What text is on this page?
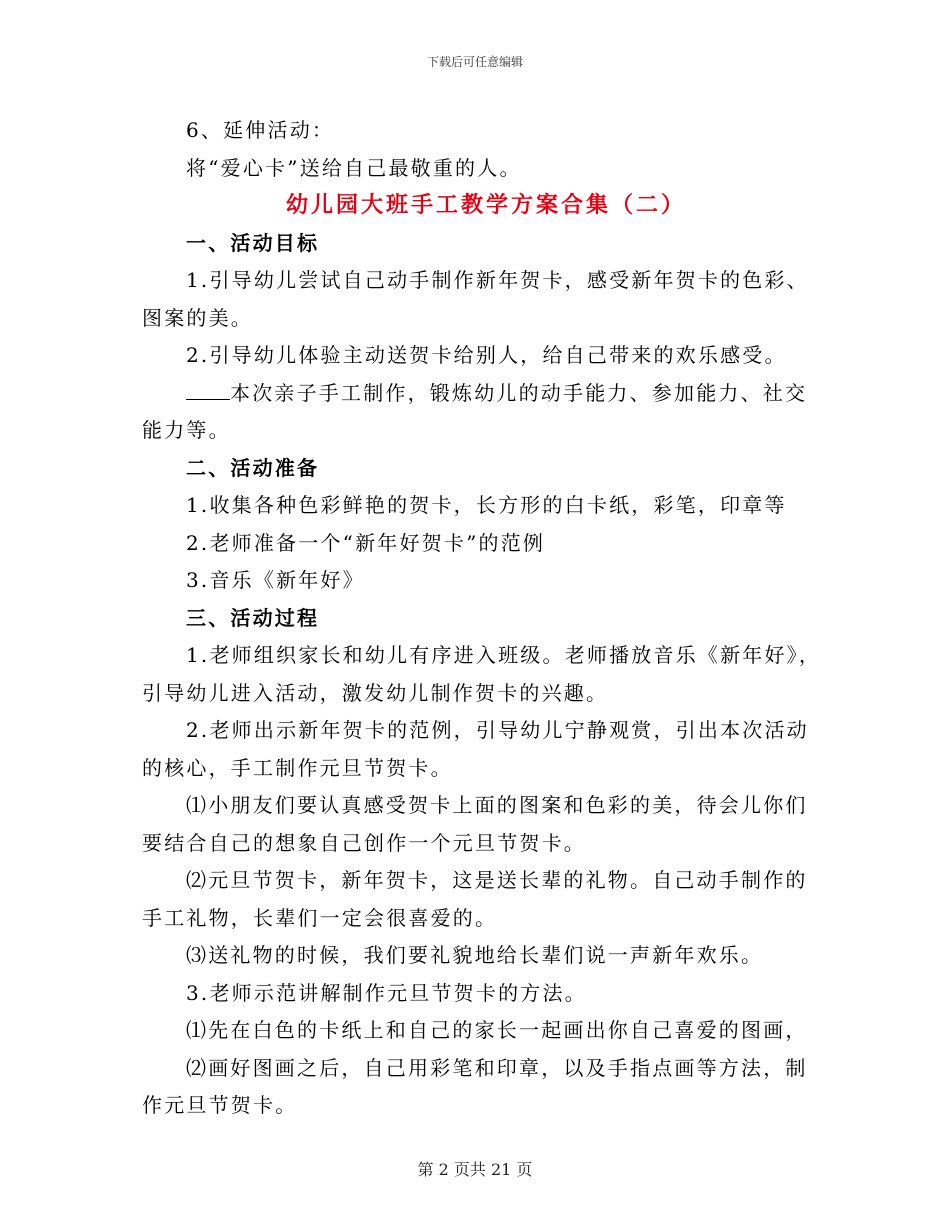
下载后可任意编辑
6、延伸活动：
将“爱心卡”送给自己最敬重的人。
幼儿园大班手工教学方案合集（二）
一、活动目标
1.引导幼儿尝试自己动手制作新年贺卡，感受新年贺卡的色彩、
图案的美。
2.引导幼儿体验主动送贺卡给别人，给自己带来的欢乐感受。
本次亲子手工制作，锻炼幼儿的动手能力、参加能力、社交
能力等。
二、活动准备
1.收集各种色彩鲜艳的贺卡，长方形的白卡纸，彩笔，印章等
2.老师准备一个“新年好贺卡”的范例
3.音乐《新年好》
三、活动过程
1.老师组织家长和幼儿有序进入班级。老师播放音乐《新年好》，
引导幼儿进入活动，激发幼儿制作贺卡的兴趣。
2.老师出示新年贺卡的范例，引导幼儿宁静观赏，引出本次活动
的核心，手工制作元旦节贺卡。
⑴小朋友们要认真感受贺卡上面的图案和色彩的美，待会儿你们
要结合自己的想象自己创作一个元旦节贺卡。
⑵元旦节贺卡，新年贺卡，这是送长辈的礼物。自己动手制作的
手工礼物，长辈们一定会很喜爱的。
⑶送礼物的时候，我们要礼貌地给长辈们说一声新年欢乐。
3.老师示范讲解制作元旦节贺卡的方法。
⑴先在白色的卡纸上和自己的家长一起画出你自己喜爱的图画，
⑵画好图画之后，自己用彩笔和印章，以及手指点画等方法，制
作元旦节贺卡。
第 2 页共 21 页
